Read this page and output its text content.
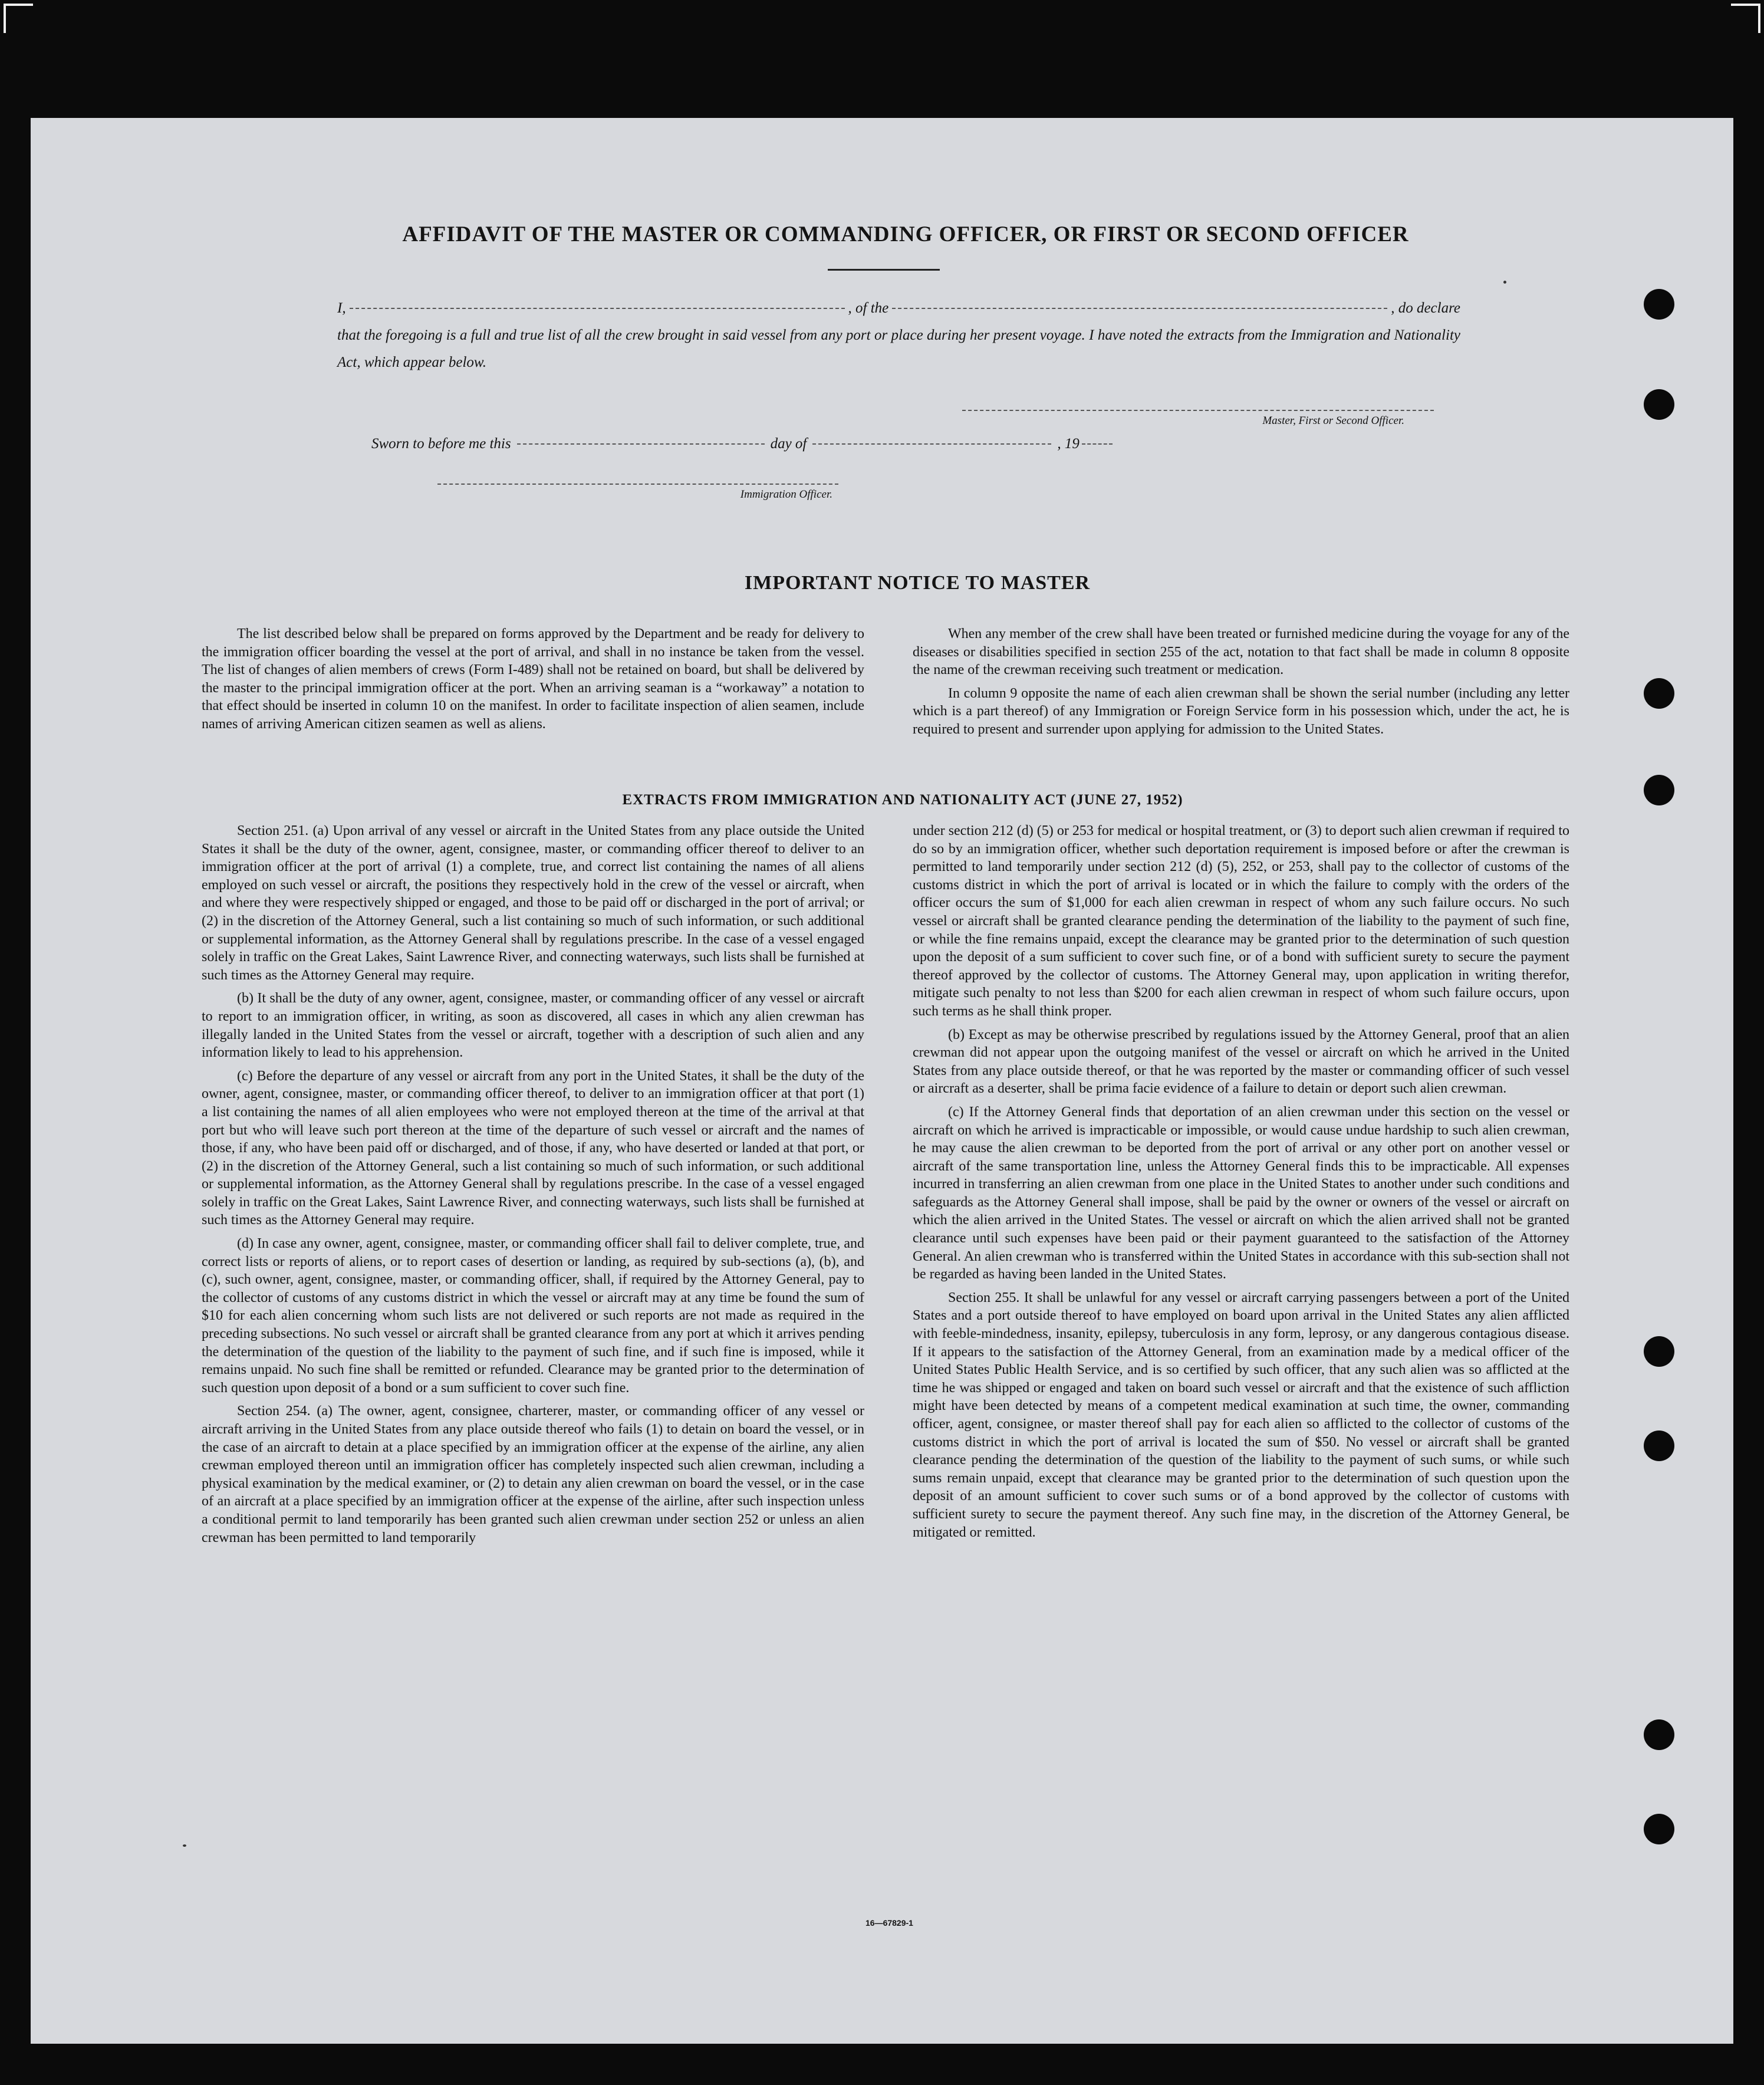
AFFIDAVIT OF THE MASTER OR COMMANDING OFFICER, OR FIRST OR SECOND OFFICER
I,	, of the	, do declare
that the foregoing is a full and true list of all the crew brought in said vessel from any port or place during her present voyage. I have noted the extracts from the Immigration and Nationality Act, which appear below.
Master, First or Second Officer.
Sworn to before me this	day of	, 19
Immigration Officer.
IMPORTANT NOTICE TO MASTER

The list described below shall be prepared on forms approved by the Department and be ready for delivery to the immigration officer boarding the vessel at the port of arrival, and shall in no instance be taken from the vessel. The list of changes of alien members of crews (Form I-489) shall not be retained on board, but shall be delivered by the master to the principal immigration officer at the port. When an arriving seaman is a “workaway” a notation to that effect should be inserted in column 10 on the manifest. In order to facilitate inspection of alien seamen, include names of arriving American citizen seamen as well as aliens.

When any member of the crew shall have been treated or furnished medicine during the voyage for any of the diseases or disabilities specified in section 255 of the act, notation to that fact shall be made in column 8 opposite the name of the crewman receiving such treatment or medication.

In column 9 opposite the name of each alien crewman shall be shown the serial number (including any letter which is a part thereof) of any Immigration or Foreign Service form in his possession which, under the act, he is required to present and surrender upon applying for admission to the United States.

EXTRACTS FROM IMMIGRATION AND NATIONALITY ACT (JUNE 27, 1952)

Section 251. (a) Upon arrival of any vessel or aircraft in the United States from any place outside the United States it shall be the duty of the owner, agent, consignee, master, or commanding officer thereof to deliver to an immigration officer at the port of arrival (1) a complete, true, and correct list containing the names of all aliens employed on such vessel or aircraft, the positions they respectively hold in the crew of the vessel or aircraft, when and where they were respectively shipped or engaged, and those to be paid off or discharged in the port of arrival; or (2) in the discretion of the Attorney General, such a list containing so much of such information, or such additional or supplemental information, as the Attorney General shall by regulations prescribe. In the case of a vessel engaged solely in traffic on the Great Lakes, Saint Lawrence River, and connecting waterways, such lists shall be furnished at such times as the Attorney General may require.

(b) It shall be the duty of any owner, agent, consignee, master, or commanding officer of any vessel or aircraft to report to an immigration officer, in writing, as soon as discovered, all cases in which any alien crewman has illegally landed in the United States from the vessel or aircraft, together with a description of such alien and any information likely to lead to his apprehension.

(c) Before the departure of any vessel or aircraft from any port in the United States, it shall be the duty of the owner, agent, consignee, master, or commanding officer thereof, to deliver to an immigration officer at that port (1) a list containing the names of all alien employees who were not employed thereon at the time of the arrival at that port but who will leave such port thereon at the time of the departure of such vessel or aircraft and the names of those, if any, who have been paid off or discharged, and of those, if any, who have deserted or landed at that port, or (2) in the discretion of the Attorney General, such a list containing so much of such information, or such additional or supplemental information, as the Attorney General shall by regulations prescribe. In the case of a vessel engaged solely in traffic on the Great Lakes, Saint Lawrence River, and connecting waterways, such lists shall be furnished at such times as the Attorney General may require.

(d) In case any owner, agent, consignee, master, or commanding officer shall fail to deliver complete, true, and correct lists or reports of aliens, or to report cases of desertion or landing, as required by sub-sections (a), (b), and (c), such owner, agent, consignee, master, or commanding officer, shall, if required by the Attorney General, pay to the collector of customs of any customs district in which the vessel or aircraft may at any time be found the sum of $10 for each alien concerning whom such lists are not delivered or such reports are not made as required in the preceding subsections. No such vessel or aircraft shall be granted clearance from any port at which it arrives pending the determination of the question of the liability to the payment of such fine, and if such fine is imposed, while it remains unpaid. No such fine shall be remitted or refunded. Clearance may be granted prior to the determination of such question upon deposit of a bond or a sum sufficient to cover such fine.

Section 254. (a) The owner, agent, consignee, charterer, master, or commanding officer of any vessel or aircraft arriving in the United States from any place outside thereof who fails (1) to detain on board the vessel, or in the case of an aircraft to detain at a place specified by an immigration officer at the expense of the airline, any alien crewman employed thereon until an immigration officer has completely inspected such alien crewman, including a physical examination by the medical examiner, or (2) to detain any alien crewman on board the vessel, or in the case of an aircraft at a place specified by an immigration officer at the expense of the airline, after such inspection unless a conditional permit to land temporarily has been granted such alien crewman under section 252 or unless an alien crewman has been permitted to land temporarily

under section 212 (d) (5) or 253 for medical or hospital treatment, or (3) to deport such alien crewman if required to do so by an immigration officer, whether such deportation requirement is imposed before or after the crewman is permitted to land temporarily under section 212 (d) (5), 252, or 253, shall pay to the collector of customs of the customs district in which the port of arrival is located or in which the failure to comply with the orders of the officer occurs the sum of $1,000 for each alien crewman in respect of whom any such failure occurs. No such vessel or aircraft shall be granted clearance pending the determination of the liability to the payment of such fine, or while the fine remains unpaid, except the clearance may be granted prior to the determination of such question upon the deposit of a sum sufficient to cover such fine, or of a bond with sufficient surety to secure the payment thereof approved by the collector of customs. The Attorney General may, upon application in writing therefor, mitigate such penalty to not less than $200 for each alien crewman in respect of whom such failure occurs, upon such terms as he shall think proper.

(b) Except as may be otherwise prescribed by regulations issued by the Attorney General, proof that an alien crewman did not appear upon the outgoing manifest of the vessel or aircraft on which he arrived in the United States from any place outside thereof, or that he was reported by the master or commanding officer of such vessel or aircraft as a deserter, shall be prima facie evidence of a failure to detain or deport such alien crewman.

(c) If the Attorney General finds that deportation of an alien crewman under this section on the vessel or aircraft on which he arrived is impracticable or impossible, or would cause undue hardship to such alien crewman, he may cause the alien crewman to be deported from the port of arrival or any other port on another vessel or aircraft of the same transportation line, unless the Attorney General finds this to be impracticable. All expenses incurred in transferring an alien crewman from one place in the United States to another under such conditions and safeguards as the Attorney General shall impose, shall be paid by the owner or owners of the vessel or aircraft on which the alien arrived in the United States. The vessel or aircraft on which the alien arrived shall not be granted clearance until such expenses have been paid or their payment guaranteed to the satisfaction of the Attorney General. An alien crewman who is transferred within the United States in accordance with this sub-section shall not be regarded as having been landed in the United States.

Section 255. It shall be unlawful for any vessel or aircraft carrying passengers between a port of the United States and a port outside thereof to have employed on board upon arrival in the United States any alien afflicted with feeble-mindedness, insanity, epilepsy, tuberculosis in any form, leprosy, or any dangerous contagious disease. If it appears to the satisfaction of the Attorney General, from an examination made by a medical officer of the United States Public Health Service, and is so certified by such officer, that any such alien was so afflicted at the time he was shipped or engaged and taken on board such vessel or aircraft and that the existence of such affliction might have been detected by means of a competent medical examination at such time, the owner, commanding officer, agent, consignee, or master thereof shall pay for each alien so afflicted to the collector of customs of the customs district in which the port of arrival is located the sum of $50. No vessel or aircraft shall be granted clearance pending the determination of the question of the liability to the payment of such sums, or while such sums remain unpaid, except that clearance may be granted prior to the determination of such question upon the deposit of an amount sufficient to cover such sums or of a bond approved by the collector of customs with sufficient surety to secure the payment thereof. Any such fine may, in the discretion of the Attorney General, be mitigated or remitted.

16—67829-1
